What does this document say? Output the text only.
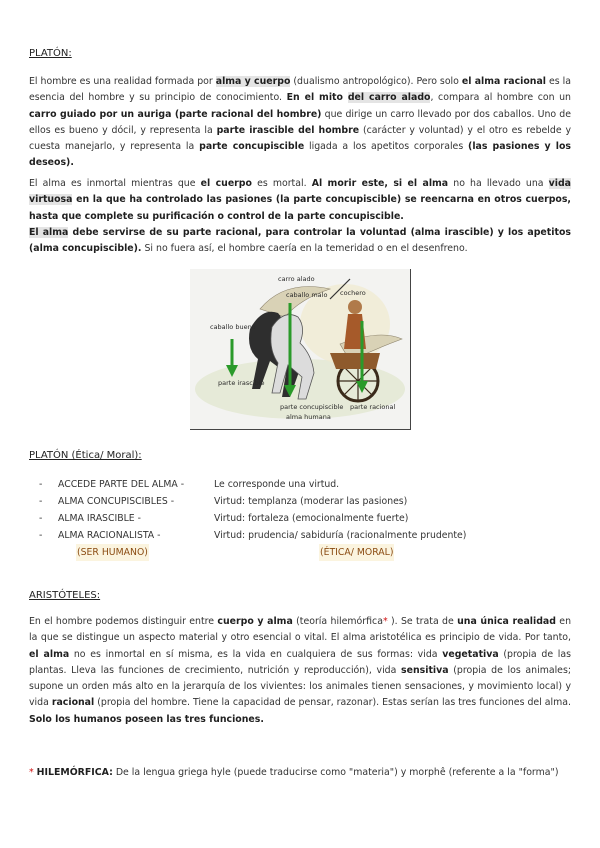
PLATÓN:
El hombre es una realidad formada por alma y cuerpo (dualismo antropológico). Pero solo el alma racional es la esencia del hombre y su principio de conocimiento. En el mito del carro alado, compara al hombre con un carro guiado por un auriga (parte racional del hombre) que dirige un carro llevado por dos caballos. Uno de ellos es bueno y dócil, y representa la parte irascible del hombre (carácter y voluntad) y el otro es rebelde y cuesta manejarlo, y representa la parte concupiscible ligada a los apetitos corporales (las pasiones y los deseos).
El alma es inmortal mientras que el cuerpo es mortal. Al morir este, si el alma no ha llevado una vida virtuosa en la que ha controlado las pasiones (la parte concupiscible) se reencarna en otros cuerpos, hasta que complete su purificación o control de la parte concupiscible.
El alma debe servirse de su parte racional, para controlar la voluntad (alma irascible) y los apetitos (alma concupiscible). Si no fuera así, el hombre caería en la temeridad o en el desenfreno.
carro alado
caballo malo cochero
caballo bueno
parte irascible
parte concupiscible
alma humana
parte racional
PLATÓN (Ética/ Moral):
- ACCEDE PARTE DEL ALMA -	Le corresponde una virtud.
- ALMA CONCUPISCIBLES -	Virtud: templanza (moderar las pasiones)
- ALMA IRASCIBLE -	Virtud: fortaleza (emocionalmente fuerte)
- ALMA RACIONALISTA -	Virtud: prudencia/ sabiduría (racionalmente prudente)
(SER HUMANO)	(ÉTICA/ MORAL)
ARISTÓTELES:
En el hombre podemos distinguir entre cuerpo y alma (teoría hilemórfica* ). Se trata de una única realidad en la que se distingue un aspecto material y otro esencial o vital. El alma aristotélica es principio de vida. Por tanto, el alma no es inmortal en sí misma, es la vida en cualquiera de sus formas: vida vegetativa (propia de las plantas. Lleva las funciones de crecimiento, nutrición y reproducción), vida sensitiva (propia de los animales; supone un orden más alto en la jerarquía de los vivientes: los animales tienen sensaciones, y movimiento local) y vida racional (propia del hombre. Tiene la capacidad de pensar, razonar). Estas serían las tres funciones del alma. Solo los humanos poseen las tres funciones.
* HILEMÓRFICA: De la lengua griega hyle (puede traducirse como "materia") y morphê (referente a la "forma")
